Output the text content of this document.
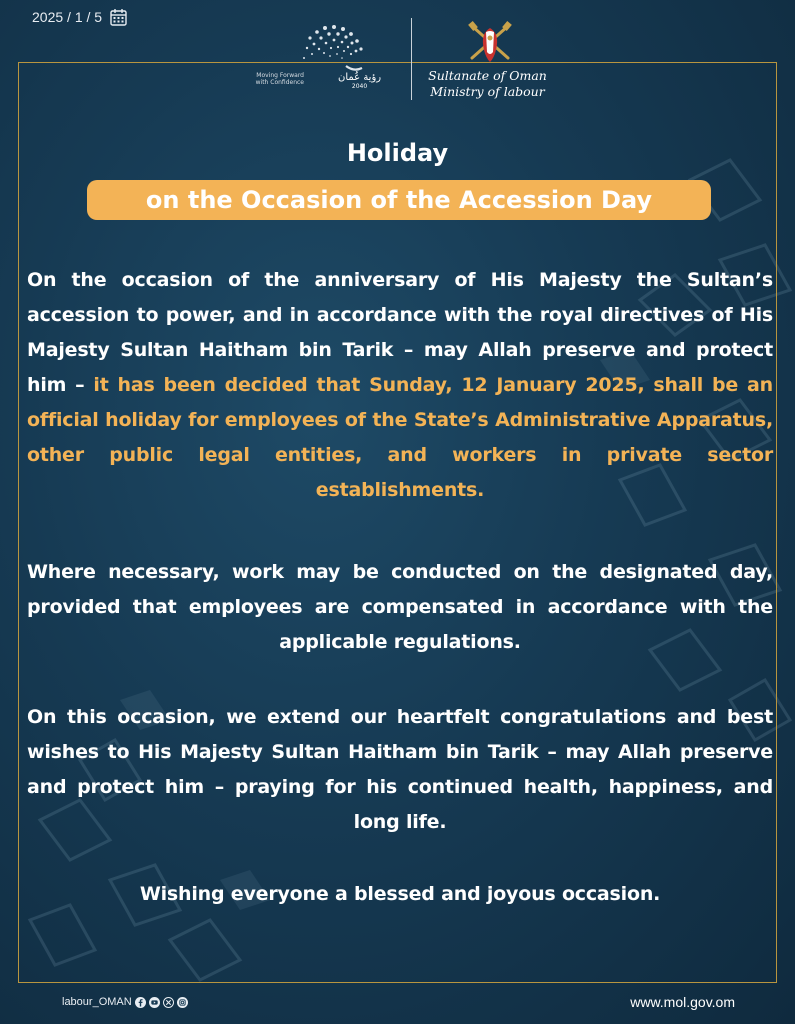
2025 / 1 / 5
Moving Forward with Confidence	رؤية عُمان
2040
Sultanate of Oman
Ministry of labour
Holiday
on the Occasion of the Accession Day
On the occasion of the anniversary of His Majesty the Sultan’s accession to power, and in accordance with the royal directives of His Majesty Sultan Haitham bin Tarik – may Allah preserve and protect him – it has been decided that Sunday, 12 January 2025, shall be an official holiday for employees of the State’s Administrative Apparatus, other public legal entities, and workers in private sector establishments.
Where necessary, work may be conducted on the designated day, provided that employees are compensated in accordance with the applicable regulations.
On this occasion, we extend our heartfelt congratulations and best wishes to His Majesty Sultan Haitham bin Tarik – may Allah preserve and protect him – praying for his continued health, happiness, and long life.
Wishing everyone a blessed and joyous occasion.
labour_OMAN	www.mol.gov.om
